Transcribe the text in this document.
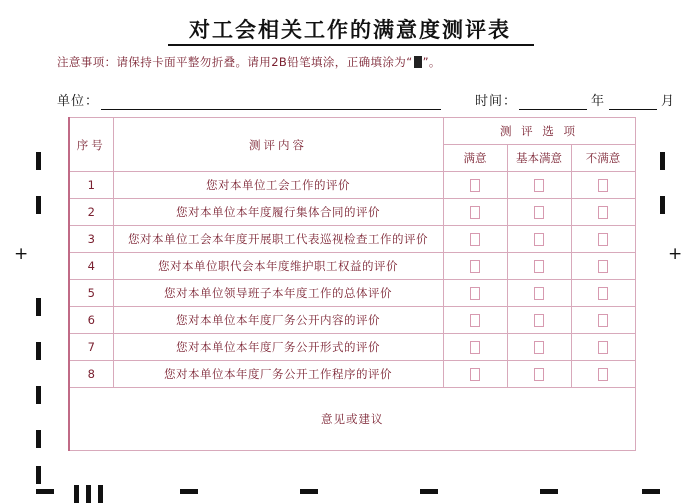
+	+
对工会相关工作的满意度测评表
注意事项：请保持卡面平整勿折叠。请用2B铅笔填涂，正确填涂为“ ”。
单位：	时间：	年	月
序号	测评内容	测 评 选 项		
		满意	基本满意	不满意
1	您对本单位工会工作的评价			
2	您对本单位本年度履行集体合同的评价			
3	您对本单位工会本年度开展职工代表巡视检查工作的评价			
4	您对本单位职代会本年度维护职工权益的评价			
5	您对本单位领导班子本年度工作的总体评价			
6	您对本单位本年度厂务公开内容的评价			
7	您对本单位本年度厂务公开形式的评价			
8	您对本单位本年度厂务公开工作程序的评价			
意见或建议				
